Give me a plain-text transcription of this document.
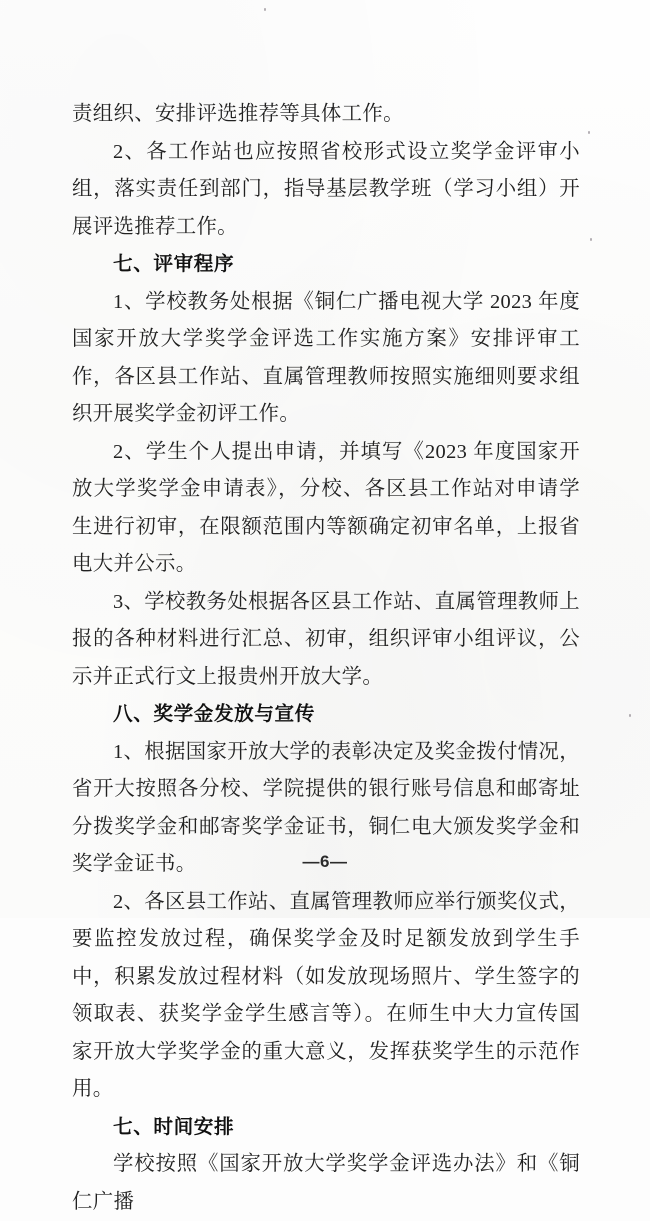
责组织、安排评选推荐等具体工作。

2、各工作站也应按照省校形式设立奖学金评审小组，落实责任到部门，指导基层教学班（学习小组）开展评选推荐工作。

七、评审程序

1、学校教务处根据《铜仁广播电视大学 2023 年度国家开放大学奖学金评选工作实施方案》安排评审工作，各区县工作站、直属管理教师按照实施细则要求组织开展奖学金初评工作。

2、学生个人提出申请，并填写《2023 年度国家开放大学奖学金申请表》，分校、各区县工作站对申请学生进行初审，在限额范围内等额确定初审名单，上报省电大并公示。

3、学校教务处根据各区县工作站、直属管理教师上报的各种材料进行汇总、初审，组织评审小组评议，公示并正式行文上报贵州开放大学。

八、奖学金发放与宣传

1、根据国家开放大学的表彰决定及奖金拨付情况，省开大按照各分校、学院提供的银行账号信息和邮寄址分拨奖学金和邮寄奖学金证书，铜仁电大颁发奖学金和奖学金证书。

2、各区县工作站、直属管理教师应举行颁奖仪式，要监控发放过程，确保奖学金及时足额发放到学生手中，积累发放过程材料（如发放现场照片、学生签字的领取表、获奖学金学生感言等）。在师生中大力宣传国家开放大学奖学金的重大意义，发挥获奖学生的示范作用。

七、时间安排

学校按照《国家开放大学奖学金评选办法》和《铜仁广播

—6—
